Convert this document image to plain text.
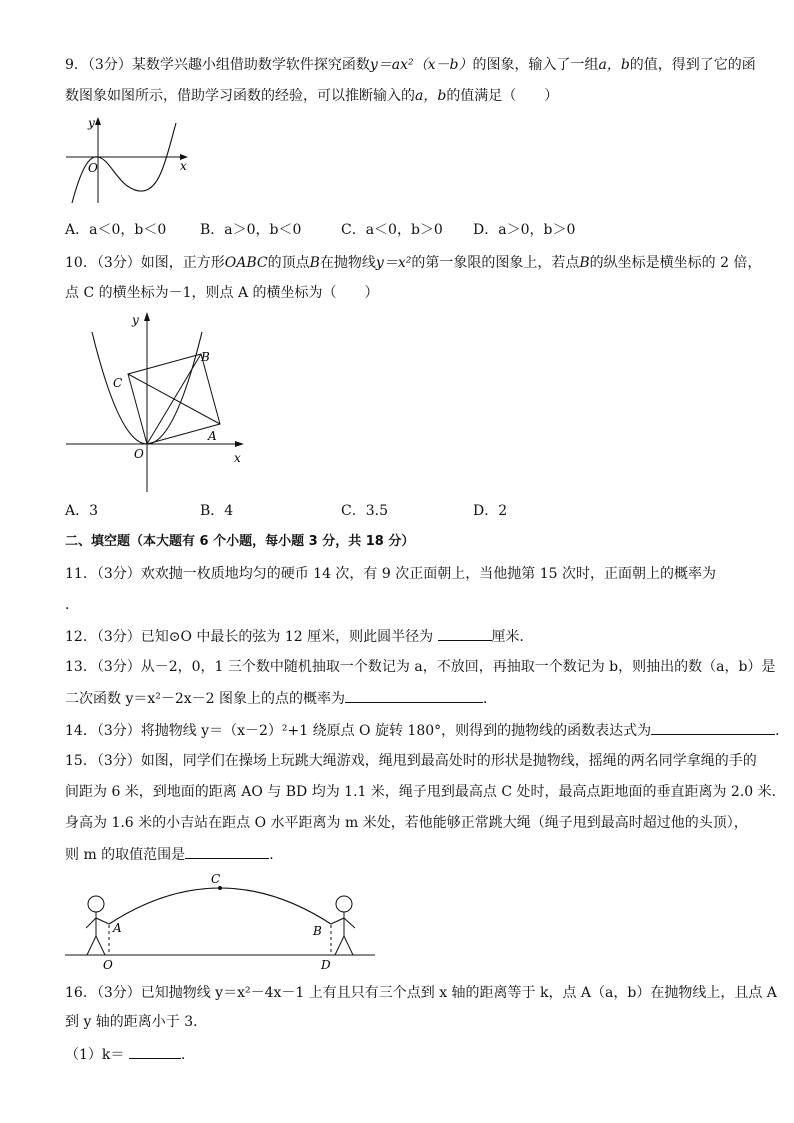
9．（3分）某数学兴趣小组借助数学软件探究函数y＝ax²（x－b）的图象，输入了一组a，b的值，得到了它的函
数图象如图所示，借助学习函数的经验，可以推断输入的a，b的值满足（　　）
y
x
O
A．a＜0，b＜0 B．a＞0，b＜0	C．a＜0，b＞0 D．a＞0，b＞0
10．（3分）如图，正方形OABC的顶点B在抛物线y＝x²的第一象限的图象上，若点B的纵坐标是横坐标的 2 倍，
点 C 的横坐标为－1，则点 A 的横坐标为（　　）
y
x
O
A
B
C
A．3	B．4	C．3.5	D．2
二、填空题（本大题有 6 个小题，每小题 3 分，共 18 分）
11．（3分）欢欢抛一枚质地均匀的硬币 14 次，有 9 次正面朝上，当他抛第 15 次时，正面朝上的概率为
．
12．（3分）已知⊙O 中最长的弦为 12 厘米，则此圆半径为	厘米．
13．（3分）从－2，0，1 三个数中随机抽取一个数记为 a，不放回，再抽取一个数记为 b，则抽出的数（a，b）是
二次函数 y＝x²－2x－2 图象上的点的概率为	．
14．（3分）将抛物线 y＝（x－2）²+1 绕原点 O 旋转 180°，则得到的抛物线的函数表达式为	．
15．（3分）如图，同学们在操场上玩跳大绳游戏，绳甩到最高处时的形状是抛物线，摇绳的两名同学拿绳的手的
间距为 6 米，到地面的距离 AO 与 BD 均为 1.1 米，绳子甩到最高点 C 处时，最高点距地面的垂直距离为 2.0 米．
身高为 1.6 米的小吉站在距点 O 水平距离为 m 米处，若他能够正常跳大绳（绳子甩到最高时超过他的头顶），
则 m 的取值范围是	．
C
A	B
O	D
16．（3分）已知抛物线 y＝x²－4x－1 上有且只有三个点到 x 轴的距离等于 k，点 A（a，b）在抛物线上，且点 A
到 y 轴的距离小于 3．
（1）k＝	．
